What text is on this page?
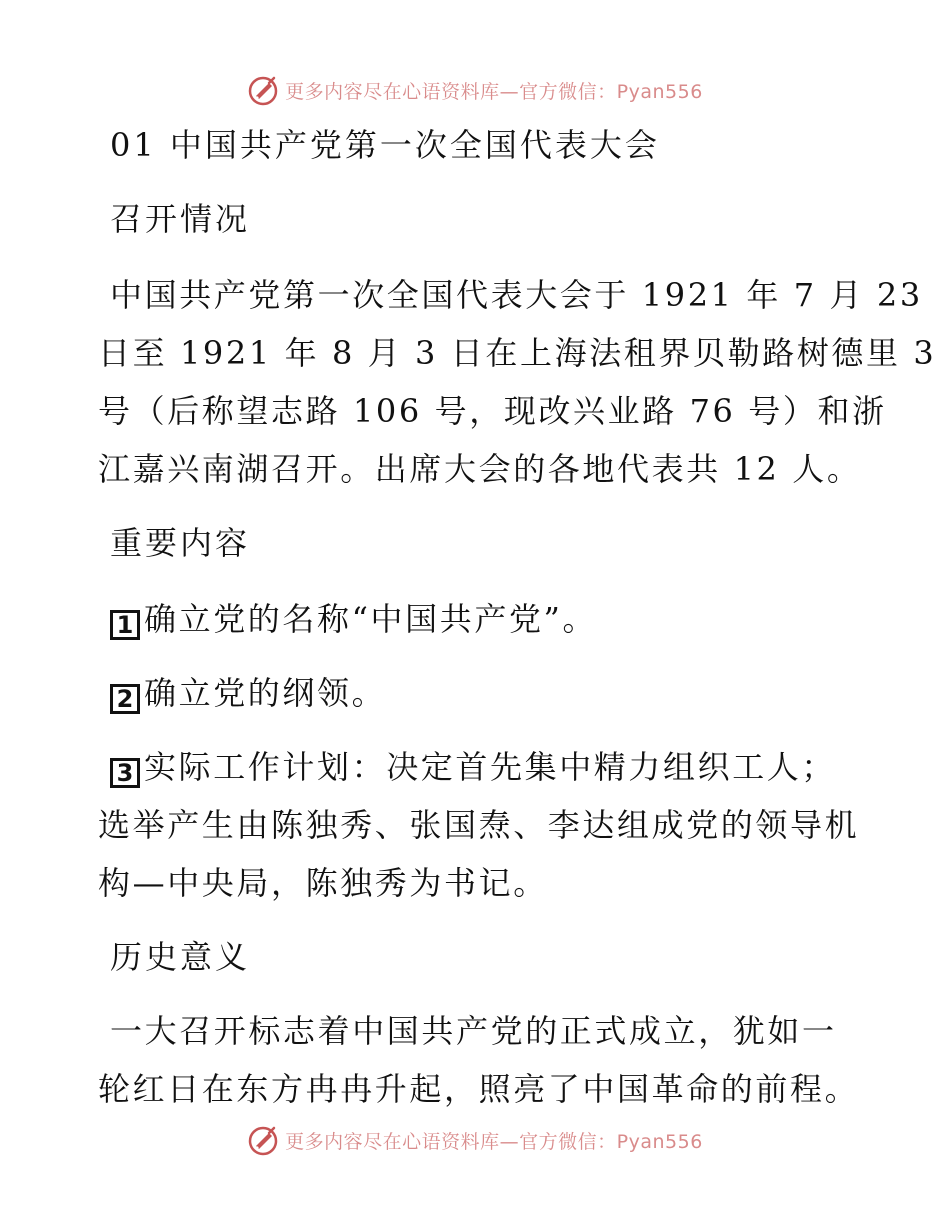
更多内容尽在心语资料库—官方微信：Pyan556
01 中国共产党第一次全国代表大会
召开情况
中国共产党第一次全国代表大会于 1921 年 7 月 23
日至 1921 年 8 月 3 日在上海法租界贝勒路树德里 3
号（后称望志路 106 号，现改兴业路 76 号）和浙
江嘉兴南湖召开。出席大会的各地代表共 12 人。
重要内容
1 确立党的名称“中国共产党”。
2 确立党的纲领。
3 实际工作计划：决定首先集中精力组织工人；
选举产生由陈独秀、张国焘、李达组成党的领导机
构—中央局，陈独秀为书记。
历史意义
一大召开标志着中国共产党的正式成立，犹如一
轮红日在东方冉冉升起，照亮了中国革命的前程。
更多内容尽在心语资料库—官方微信：Pyan556
